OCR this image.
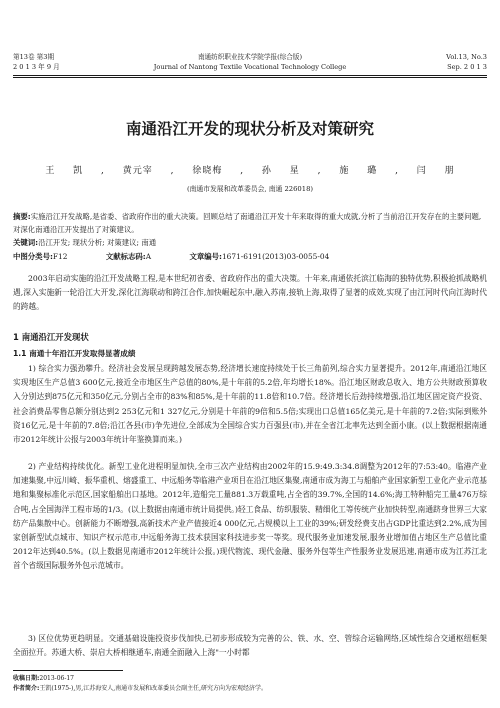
第13卷 第3期
2 0 1 3 年 9 月
南通纺织职业技术学院学报(综合版)
Journal of Nantong Textile Vocational Technology College
Vol.13, No.3
Sep. 2 0 1 3
南通沿江开发的现状分析及对策研究
王 凯 , 黄元宰 , 徐晓梅 , 孙 星 , 施 璐 , 闫 朋
(南通市发展和改革委员会, 南通 226018)
摘要:实施沿江开发战略,是省委、省政府作出的重大决策。回顾总结了南通沿江开发十年来取得的重大成就,分析了当前沿江开发存在的主要问题,对深化南通沿江开发提出了对策建议。
关键词:沿江开发; 现状分析; 对策建议; 南通
中图分类号:F12	文献标志码:A	文章编号:1671-6191(2013)03-0055-04

2003年启动实施的沿江开发战略工程,是本世纪初省委、省政府作出的重大决策。十年来,南通依托滨江临海的独特优势,积极抢抓战略机遇,深入实施新一轮沿江大开发,深化江海联动和跨江合作,加快崛起东中,融入苏南,接轨上海,取得了显著的成效,实现了由江河时代向江海时代的跨越。

1 南通沿江开发现状
1.1 南通十年沿江开发取得显著成绩

1) 综合实力强劲攀升。经济社会发展呈现跨越发展态势,经济增长速度持续处于长三角前列,综合实力显著提升。2012年,南通沿江地区实现地区生产总值3 600亿元,接近全市地区生产总值的80%,是十年前的5.2倍,年均增长18%。沿江地区财政总收入、地方公共财政预算收入分别达到875亿元和350亿元,分别占全市的83%和85%,是十年前的11.8倍和10.7倍。经济增长后劲持续增强,沿江地区固定资产投资、社会消费品零售总额分别达到2 253亿元和1 327亿元,分别是十年前的9倍和5.5倍;实现出口总值165亿美元,是十年前的7.2倍;实际到账外资16亿元,是十年前的7.8倍;沿江各县(市)争先进位,全部成为全国综合实力百强县(市),并在全省江北率先达到全面小康。(以上数据根据南通市2012年统计公报与2003年统计年鉴换算而来。)

2) 产业结构持续优化。新型工业化进程明显加快,全市三次产业结构由2002年的15.9:49.3:34.8调整为2012年的7:53:40。临港产业加速集聚,中远川崎、振华重机、熔盛重工、中远船务等临港产业项目在沿江地区集聚,南通市成为海工与船舶产业国家新型工业化产业示范基地和集聚标准化示范区,国家船舶出口基地。2012年,造船完工量881.3万载重吨,占全省的39.7%,全国的14.6%;海工特种船完工量476万综合吨,占全国海洋工程市场的1/3。(以上数据由南通市统计局提供。)轻工食品、纺织服装、精细化工等传统产业加快转型,南通跻身世界三大家纺产品集散中心。创新能力不断增强,高新技术产业产值接近4 000亿元,占规模以上工业的39%;研发经费支出占GDP比重达到2.2%,成为国家创新型试点城市、知识产权示范市,中远船务海工技术获国家科技进步奖一等奖。现代服务业加速发展,服务业增加值占地区生产总值比重2012年达到40.5%。(以上数据见南通市2012年统计公报。)现代物流、现代金融、服务外包等生产性服务业发展迅速,南通市成为江苏江北首个省级国际服务外包示范城市。

3) 区位优势更趋明显。交通基础设施投资步伐加快,已初步形成较为完善的公、铁、水、空、管综合运输网络,区域性综合交通枢纽框架全面拉开。苏通大桥、崇启大桥相继通车,南通全面融入上海"一小时都

收稿日期:2013-06-17
作者简介:王凯(1975-),男,江苏海安人,南通市发展和改革委员会副主任,研究方向为宏观经济学。
